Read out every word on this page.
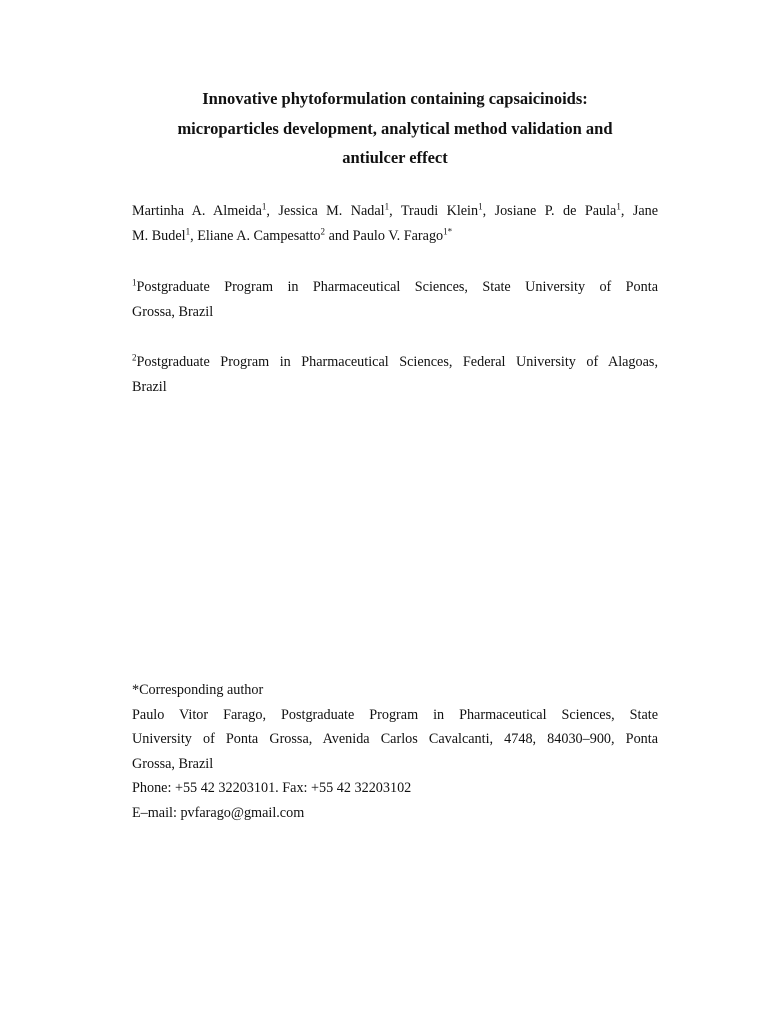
Innovative phytoformulation containing capsaicinoids:
microparticles development, analytical method validation and
antiulcer effect
Martinha A. Almeida$^1$, Jessica M. Nadal$^1$, Traudi Klein$^1$, Josiane P. de Paula$^1$, Jane
M. Budel$^1$, Eliane A. Campesatto$^2$ and Paulo V. Farago$^{1*}$
$^1$Postgraduate Program in Pharmaceutical Sciences, State University of Ponta
Grossa, Brazil
$^2$Postgraduate Program in Pharmaceutical Sciences, Federal University of Alagoas,
Brazil
*Corresponding author
Paulo Vitor Farago, Postgraduate Program in Pharmaceutical Sciences, State
University of Ponta Grossa, Avenida Carlos Cavalcanti, 4748, 84030–900, Ponta
Grossa, Brazil
Phone: +55 42 32203101. Fax: +55 42 32203102
E–mail: pvfarago@gmail.com
